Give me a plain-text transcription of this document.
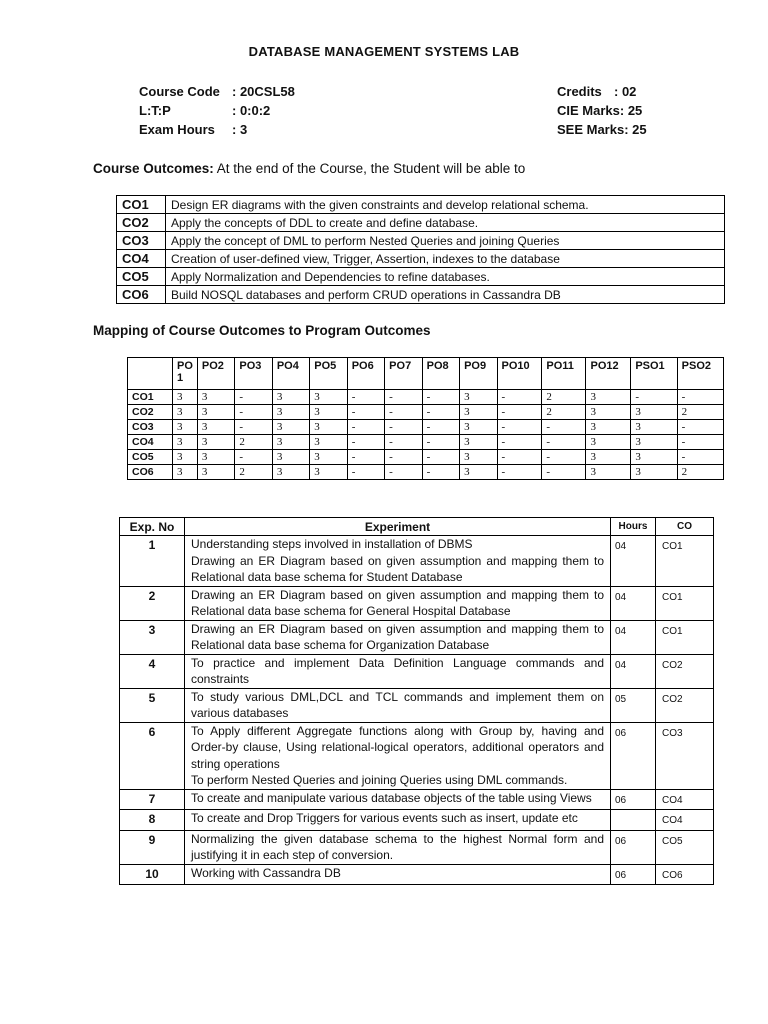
DATABASE MANAGEMENT SYSTEMS LAB
Course Code : 20CSL58
L:T:P	: 0:0:2
Exam Hours : 3
Credits : 02
CIE Marks: 25
SEE Marks: 25
Course Outcomes: At the end of the Course, the Student will be able to
CO1	Design ER diagrams with the given constraints and develop relational schema.
CO2	Apply the concepts of DDL to create and define database.
CO3	Apply the concept of DML to perform Nested Queries and joining Queries
CO4	Creation of user-defined view, Trigger, Assertion, indexes to the database
CO5	Apply Normalization and Dependencies to refine databases.
CO6	Build NOSQL databases and perform CRUD operations in Cassandra DB
Mapping of Course Outcomes to Program Outcomes
	PO 1	PO2	PO3	PO4	PO5	PO6	PO7	PO8	PO9	PO10	PO11	PO12	PSO1	PSO2
CO1	3	3	-	3	3	-	-	-	3	-	2	3	-	-
CO2	3	3	-	3	3	-	-	-	3	-	2	3	3	2
CO3	3	3	-	3	3	-	-	-	3	-	-	3	3	-
CO4	3	3	2	3	3	-	-	-	3	-	-	3	3	-
CO5	3	3	-	3	3	-	-	-	3	-	-	3	3	-
CO6	3	3	2	3	3	-	-	-	3	-	-	3	3	2
Exp. No	Experiment	Hours	CO
1	Understanding steps involved in installation of DBMS
Drawing an ER Diagram based on given assumption and mapping them to Relational data base schema for Student Database	04	CO1
2	Drawing an ER Diagram based on given assumption and mapping them to Relational data base schema for General Hospital Database	04	CO1
3	Drawing an ER Diagram based on given assumption and mapping them to Relational data base schema for Organization Database	04	CO1
4	To practice and implement Data Definition Language commands and constraints	04	CO2
5	To study various DML,DCL and TCL commands and implement them on various databases	05	CO2
6	To Apply different Aggregate functions along with Group by, having and Order-by clause, Using relational-logical operators, additional operators and string operations
To perform Nested Queries and joining Queries using DML commands.	06	CO3
7	To create and manipulate various database objects of the table using Views	06	CO4
8	To create and Drop Triggers for various events such as insert, update etc		CO4
9	Normalizing the given database schema to the highest Normal form and justifying it in each step of conversion.	06	CO5
10	Working with Cassandra DB	06	CO6
